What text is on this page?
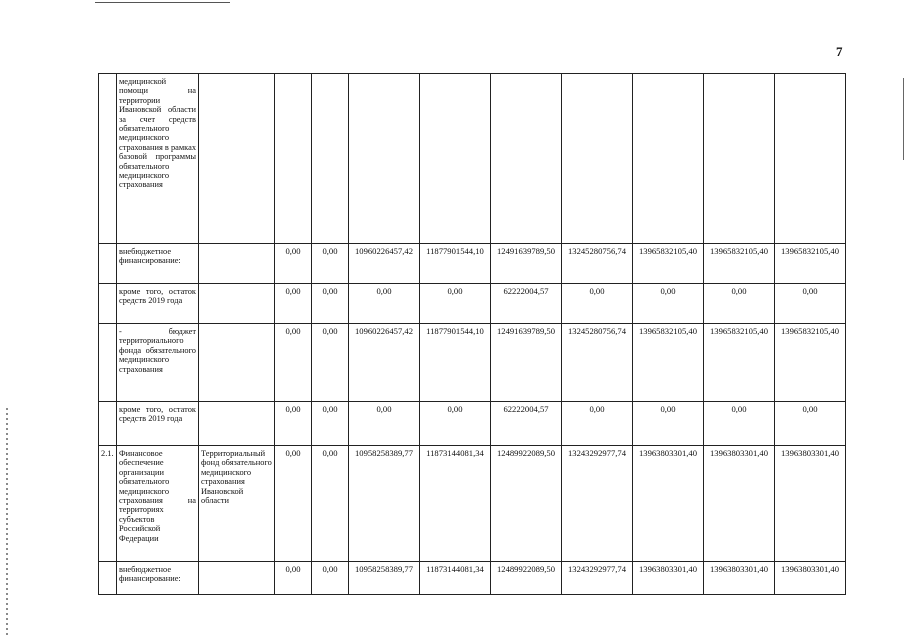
7
	медицинской помощи на территории Ивановской области за счет средств обязательного медицинского страхования в рамках базовой программы обязательного медицинского страхования										
	внебюджетное финансирование:		0,00	0,00	10960226457,42	11877901544,10	12491639789,50	13245280756,74	13965832105,40	13965832105,40	13965832105,40
	кроме того, остаток средств 2019 года		0,00	0,00	0,00	0,00	62222004,57	0,00	0,00	0,00	0,00
	- бюджет территориального фонда обязательного медицинского страхования		0,00	0,00	10960226457,42	11877901544,10	12491639789,50	13245280756,74	13965832105,40	13965832105,40	13965832105,40
	кроме того, остаток средств 2019 года		0,00	0,00	0,00	0,00	62222004,57	0,00	0,00	0,00	0,00
2.1.	Финансовое обеспечение организации обязательного медицинского страхования на территориях субъектов Российской Федерации	Территориальный фонд обязательного медицинского страхования Ивановской области	0,00	0,00	10958258389,77	11873144081,34	12489922089,50	13243292977,74	13963803301,40	13963803301,40	13963803301,40
	внебюджетное финансирование:		0,00	0,00	10958258389,77	11873144081,34	12489922089,50	13243292977,74	13963803301,40	13963803301,40	13963803301,40
